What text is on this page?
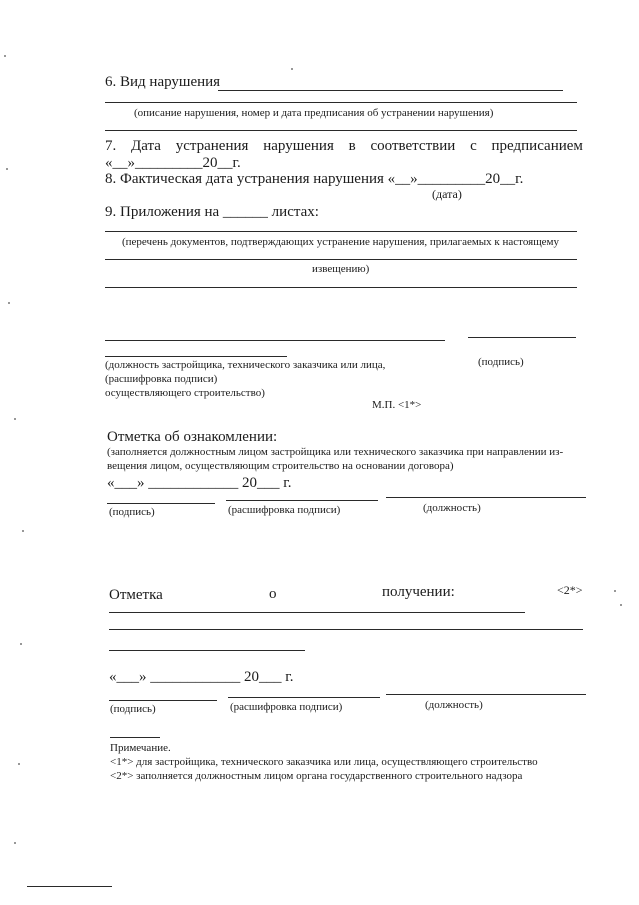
6. Вид нарушения
(описание нарушения, номер и дата предписания об устранении нарушения)
7. Дата устранения нарушения в соответствии с предписанием
«__»_________20__г.
8. Фактическая дата устранения нарушения «__»_________20__г.
(дата)
9. Приложения на ______ листах:
(перечень документов, подтверждающих устранение нарушения, прилагаемых к настоящему
извещению)
(должность застройщика, технического заказчика или лица,
(расшифровка подписи)
осуществляющего строительство)
(подпись)
М.П. <1*>
Отметка об ознакомлении:
(заполняется должностным лицом застройщика или технического заказчика при направлении из-
вещения лицом, осуществляющим строительство на основании договора)
«___» ____________ 20___ г.
(подпись)	(расшифровка подписи)	(должность)
Отметка	о	получении:	<2*>
«___» ____________ 20___ г.
(подпись)	(расшифровка подписи)	(должность)
Примечание.
<1*> для застройщика, технического заказчика или лица, осуществляющего строительство
<2*> заполняется должностным лицом органа государственного строительного надзора
